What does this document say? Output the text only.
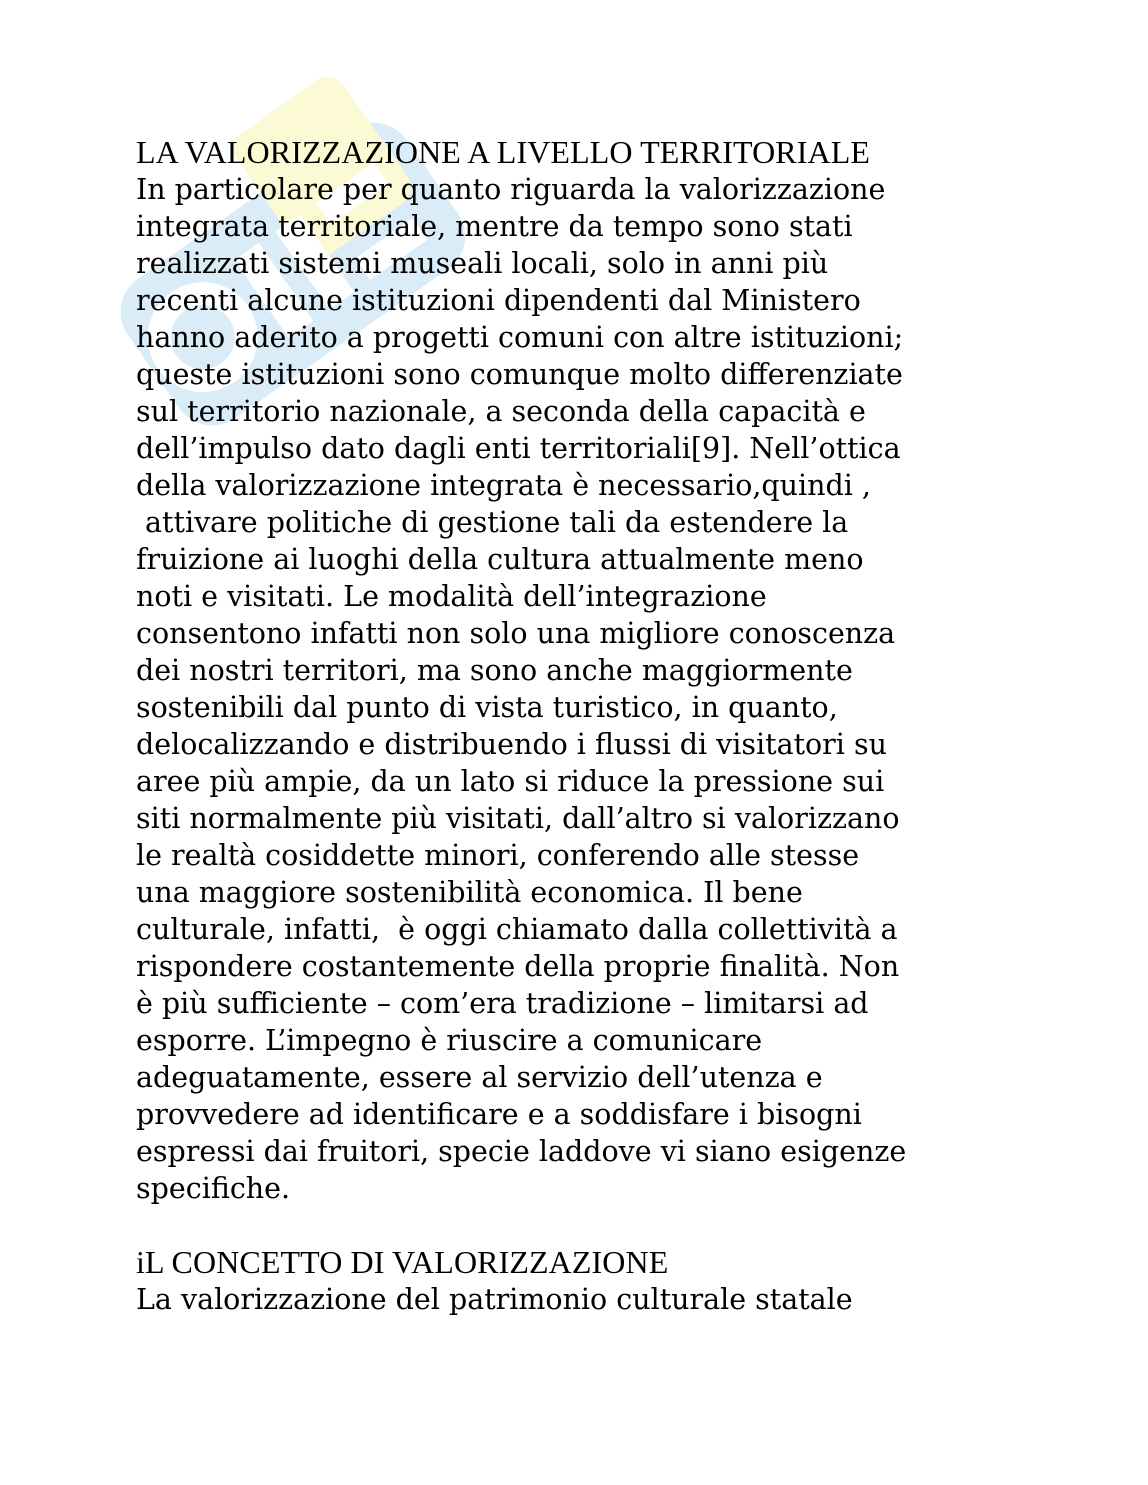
LA VALORIZZAZIONE A LIVELLO TERRITORIALE
In particolare per quanto riguarda la valorizzazione
integrata territoriale, mentre da tempo sono stati
realizzati sistemi museali locali, solo in anni più
recenti alcune istituzioni dipendenti dal Ministero
hanno aderito a progetti comuni con altre istituzioni;
queste istituzioni sono comunque molto differenziate
sul territorio nazionale, a seconda della capacità e
dell’impulso dato dagli enti territoriali[9]. Nell’ottica
della valorizzazione integrata è necessario,quindi ,
attivare politiche di gestione tali da estendere la
fruizione ai luoghi della cultura attualmente meno
noti e visitati. Le modalità dell’integrazione
consentono infatti non solo una migliore conoscenza
dei nostri territori, ma sono anche maggiormente
sostenibili dal punto di vista turistico, in quanto,
delocalizzando e distribuendo i flussi di visitatori su
aree più ampie, da un lato si riduce la pressione sui
siti normalmente più visitati, dall’altro si valorizzano
le realtà cosiddette minori, conferendo alle stesse
una maggiore sostenibilità economica. Il bene
culturale, infatti,  è oggi chiamato dalla collettività a
rispondere costantemente della proprie finalità. Non
è più sufficiente – com’era tradizione – limitarsi ad
esporre. L’impegno è riuscire a comunicare
adeguatamente, essere al servizio dell’utenza e
provvedere ad identificare e a soddisfare i bisogni
espressi dai fruitori, specie laddove vi siano esigenze
specifiche.
iL CONCETTO DI VALORIZZAZIONE
La valorizzazione del patrimonio culturale statale
